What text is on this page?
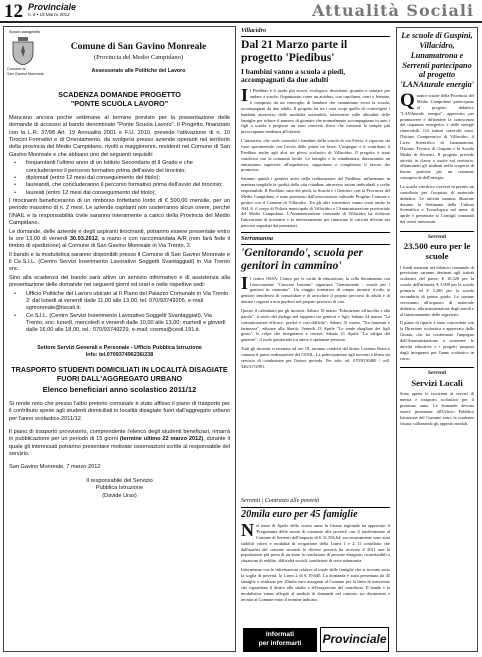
12 Provinciale
n. 6 • 15 Marzo 2012	Attualità Sociali
Spazio autogestito
Comune di
San Gavino Monreale
Comune di San Gavino Monreale
(Provincia del Medio Campidano)
Assessorato alle Politiche del Lavoro
SCADENZA DOMANDE PROGETTO
"PONTE SCUOLA LAVORO"

Mancano ancora poche settimane al termine previsto per la presentazione delle domande di accesso al bando denominato "Ponte Scuola Lavoro". Il Progetto, finanziato con la L.R. 37/98 Art. 19 Annualità 2001 e F.U. 2010, prevede l'attivazione di n. 10 Tirocini Formativi e di Orientamento, da svolgersi presso aziende operanti nel territorio della provincia del Medio Campidano, rivolti a maggiorenni, residenti nel Comune di San Gavino Monreale e che abbiano uno dei seguenti requisiti:

• frequentanti l'ultimo anno di un Istituto Secondario di II Grado e che concluderanno il percorso formativo prima dell'avvio del tirocinio;
• diplomati (entro 12 mesi dal conseguimento del titolo);
• laureandi, che concluderanno il percorso formativo prima dell'avvio del tirocinio;
• laureati (entro 12 mesi dal conseguimento del titolo);

I tirocinanti beneficeranno di un rimborso forfettario lordo di € 500,00 mensile, per un periodo massimo di n. 2 mesi. Le aziende ospitanti non sosterranno alcun onere, perché l'INAIL e la responsabilità civile saranno interamente a carico della Provincia del Medio Campidano.

Le domande, delle aziende e degli aspiranti tirocinanti, potranno essere presentate entro le ore 13,00 di venerdì 30.03.2012, a mano o con raccomandata A/R (non farà fede il timbro di spedizione) al Comune di San Gavino Monreale in Via Trento, 2.

Il bando e la modulistica saranno disponibili presso il Comune di San Gavino Monreale e il Ce.S.I.L. (Centro Servizi Inserimento Lavorativo Soggetti Svantaggiati) in Via Trento snc.

Sino alla scadenza del bando sarà attivo un servizio informativo e di assistenza alla presentazione delle domande nei seguenti giorni ed orari e nelle rispettive sedi:

• Ufficio Politiche del Lavoro ubicato al II Piano del Palazzo Comunale in Via Trento 2: dal lunedì al venerdì dalle 11,00 alle 13,00, tel. 070/93749205, e-mail sgmonreale@tiscali.it;
• Ce.S.I.L. (Centro Servizi Inserimento Lavorativo Soggetti Svantaggiati), Via Trento, snc: lunedì, mercoledì e venerdì dalle 10,00 alle 13,00; martedì e giovedì dalle 16,00 alle 18,00, tel.: 070/93749229, e-mail: cosma@cesil.191.it.
Settore Servizi Generali e Personale - Ufficio Pubblica Istruzione
Info: tel.070937496236/238
TRASPORTO STUDENTI DOMICILIATI IN LOCALITÀ DISAGIATE FUORI DALL'AGGREGATO URBANO
Elenco beneficiari anno scolastico 2011/12

Si rende noto che presso l'albo pretorio comunale è stato affisso il piano di trasporto per il contributo spese agli studenti domiciliati in località disagiate fuori dall'aggregato urbano per l'anno scolastico 2011/12.

Il piano di trasporto provvisorio, comprendente l'elenco degli studenti beneficiari, rimarrà in pubblicazione per un periodo di 15 giorni (termine ultimo 22 marzo 2012), durante il quale gli interessati potranno presentare motivate osservazioni scritte al responsabile del servizio.

San Gavino Monreale, 7 marzo 2012

Il responsabile del Servizio
Pubblica Istruzione
(Davide Uras)
Villacidro
Dal 21 Marzo parte il progetto 'Piedibus'
I bambini vanno a scuola a piedi, accompagnati da due adulti

Il Piedibus è il modo più sicuro, ecologico, divertente, gratuito e salutare per andare a scuola. Organizzato come un autobus, con capolinea, orari e fermate, è composto da un convoglio di bambini che camminano verso la scuola, accompagnati da due adulti. Il progetto ha tra i suoi scopi quello di coinvolgere i bambini attraverso delle modalità sostenibili, intervenire sulle abitudini delle famiglie per ridurre il numero di giornate che normalmente accompagnano in auto i figli a scuola e proporre un vaso concreto fisico che contrasti la sempre più preoccupante tendenza all'obesità.

L'iniziativa, che vede coinvolti i bambini della scuola di via Fiesta, è rigorosa sia fuori sperimentale con l'avvio delle prime tre linee. L'impegno e il contributo il Piedibus anche agli altri tre plessi scolastici di Villacidro. Il progetto è stato condiviso con la comunità locale. Le famiglie e la cittadinanza, dimostrando un entusiasmo superiore all'aspettativa, supportano e completano il lavoro dei promotori.

Saranno quindi i genitori attivi nella realizzazione del Piedibus, influenzano in maniera tangibile la qualità della vita cittadina, attraverso azioni individuali e scelte responsabili. Il Piedibus, nato dei piedi, la Scuola e i Genitori, con la Provincia del Medio Campidano, è stato promosso dall'associazione culturale Progetto Comune e gestito con il Comune di Villacidro. Tra gli altri sostenitori vanno citati anche la ASL 6, il corpo di Polizia municipale di Villacidro e l'Amministrazione provinciale del Medio Campidano. L'Amministrazione comunale di Villacidro ha richiesto l'attivazione di iniziative e lo interessamento per rinnovare le criticità rilevate nei percorsi segnalati dai promotori.

Serramanna
'Genitorando', scuola per genitori in cammino'

Il centro OSSA, Centro per le carità di educazione, la cella Serramanna con l'associazione "Crescere Insieme" organizza "Genitorando - scuola per i genitori in cammino". Un viaggio formativo di cinque incontri rivolto ai genitori desiderosi di consolidare e di arricchire il proprio percorso di adulti e di aiutare i ragazzi a non perdersi nel proprio percorso di vita.

Questo il calendario per gli incontri: Sabato 18 marzo "Educazione all'ascolto e alla parola", il ruolo del dialogo nel rapporto tra genitori e figli; Sabato 24 marzo "La comunicazione efficace, perché è così difficile"; Sabato 31 marzo "Tra fantasmi e fermezza", educare alla libertà; Venerdì 13 Aprile "Le tende sbagliate dei figli giusti", le colpe che insegniamo a correre; Sabato 21 Aprile "La valigia del genitore", il ruolo genitoriale tra attese e spettanze preziose.

Tutti gli incontri si terranno ad ore 18, saranno condotti dal dottor Lorenzo Bonu e contano il paese realizzazione del CESIL. La partecipazione agli incontri è libera sia servizio di conduzione per l'intero periodo. Per info: tel. 070/9130480 / cell. 346/3172991.

Serrenti | Contrasto alle povertà
20mila euro per 45 famiglie

Nel mese di Aprile dello scorso anno la Giunta regionale ha approvato il 'Programma delle azioni di contrasto alle povertà' con il trasferimento al Comune di Serrenti dell'importo di € 31.556,64; successivamente sono stati stabiliti criteri e modalità di erogazione della Linea 1 e 2. Il contributo che dall'analisi del comune secondo le diverse povertà ha ricevuto il 2011 una la popolazione più priva di un aiuto la condizione di persone disagiate, riconducibili a situazioni di reddito, difficoltà sociali, condizioni di seria autonomia.

Informiamo con le informazioni relative al totale delle famiglie che si trovano sotto la soglia di povertà, la Linea 2 di € 19.640. La domanda è stata presentata da 45 famiglie e risultano per 20mila euro assegnati al Comune per la linea di intervento che riguardano il diritto allo studio e all'erogazione del contributo. Il bando e la modulistica vanno allegati al modulo di domanda nel contesto sia documento e inviato al Comune entro il termine indicato.

Informati
per informarti	Provinciale
Le scuole di Guspini, Villacidro, Lunamatrona e Serrenti partecipano al progetto 'LANAturale energia'

Quattro scuole della Provincia del Medio Campidano partecipano al progetto didattico "LANAturale energia", approvato per promuovere e diffondere la conoscenza del risparmio energetico e delle energie rinnovabili. Gli istituti coinvolti sono: l'Istituto Comprensivo di Villacidro, il Liceo Scientifico di Lunamatrona, l'Istituto Tecnico di Guspini e la Scuola Media di Serrenti. Il progetto prevede attività in classe e uscite sul territorio, affiancando gli studenti nella scoperta di buone pratiche per un consumo consapevole dell'energia.

La scuola vincitrice riceverà in premio un contributo per l'acquisto di materiale didattico. Le attività saranno illustrate durante la Settimana della Cultura Scientifica e Tecnologica nel mese di aprile e presentate ai Consigli comunali dei centri interessati.

Serrenti
23.500 euro per le scuole

I fondi stanziati nel bilancio comunale di previsione saranno destinati agli istituti scolastici del paese: € 16.320 per la scuola dell'infanzia, € 3.900 per la scuola primaria ed € 3.280 per la scuola secondaria di primo grado. Le somme serviranno all'acquisto di materiale didattico, alla manutenzione degli arredi e al funzionamento delle segreterie.

Il piano di riparto è stato concordato con la Direzione scolastica e approvato dalla Giunta, che ha confermato l'impegno dell'Amministrazione a sostenere le attività educative e i progetti proposti dagli insegnanti per l'anno scolastico in corso.

Serrenti
Servizi Locali

Sono aperte le iscrizioni ai servizi di mensa e trasporto scolastico per il prossimo anno. Le domande devono essere presentate all'Ufficio Pubblica Istruzione del Comune entro la scadenza fissata, utilizzando gli appositi moduli.
